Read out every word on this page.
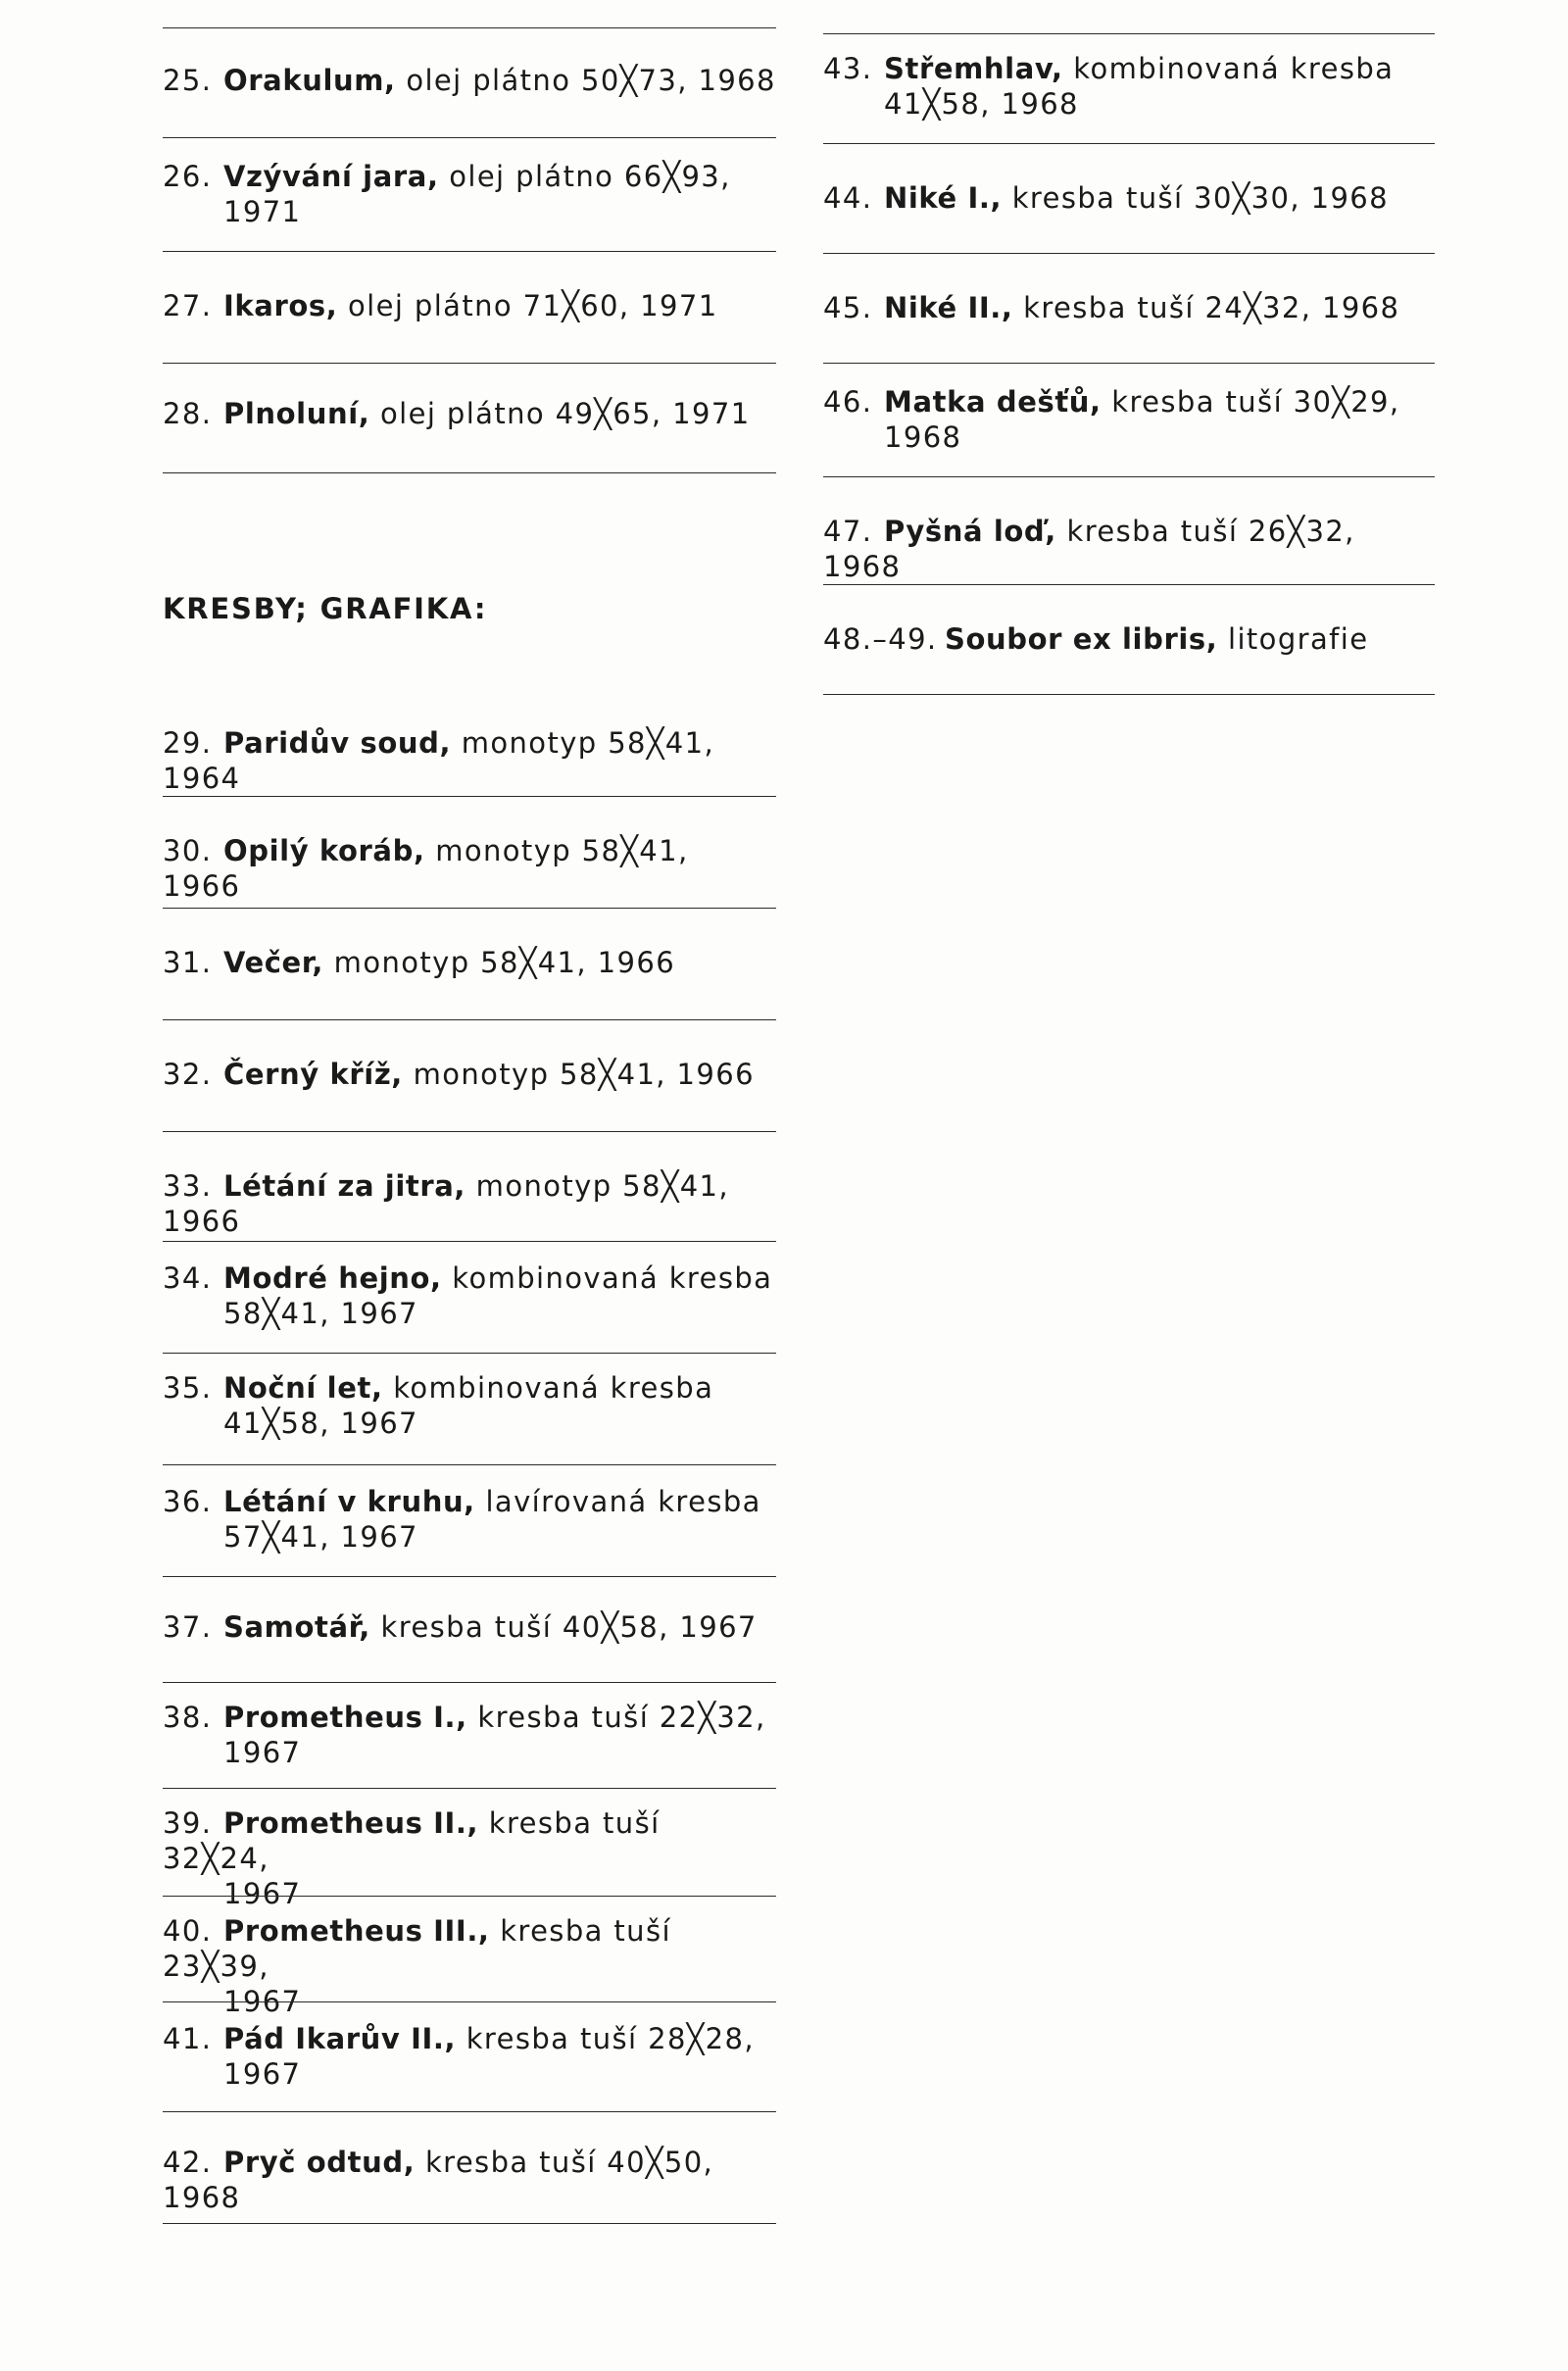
25. Orakulum, olej plátno 50╳73, 1968
26. Vzývání jara, olej plátno 66╳93,
1971
27. Ikaros, olej plátno 71╳60, 1971
28. Plnoluní, olej plátno 49╳65, 1971
KRESBY; GRAFIKA:
29. Paridův soud, monotyp 58╳41, 1964
30. Opilý koráb, monotyp 58╳41, 1966
31. Večer, monotyp 58╳41, 1966
32. Černý kříž, monotyp 58╳41, 1966
33. Létání za jitra, monotyp 58╳41, 1966
34. Modré hejno, kombinovaná kresba
58╳41, 1967
35. Noční let, kombinovaná kresba
41╳58, 1967
36. Létání v kruhu, lavírovaná kresba
57╳41, 1967
37. Samotář, kresba tuší 40╳58, 1967
38. Prometheus I., kresba tuší 22╳32,
1967
39. Prometheus II., kresba tuší 32╳24,
1967
40. Prometheus III., kresba tuší 23╳39,
1967
41. Pád Ikarův II., kresba tuší 28╳28,
1967
42. Pryč odtud, kresba tuší 40╳50, 1968
43. Střemhlav, kombinovaná kresba
41╳58, 1968
44. Niké I., kresba tuší 30╳30, 1968
45. Niké II., kresba tuší 24╳32, 1968
46. Matka dešťů, kresba tuší 30╳29,
1968
47. Pyšná loď, kresba tuší 26╳32, 1968
48.–49. Soubor ex libris, litografie
